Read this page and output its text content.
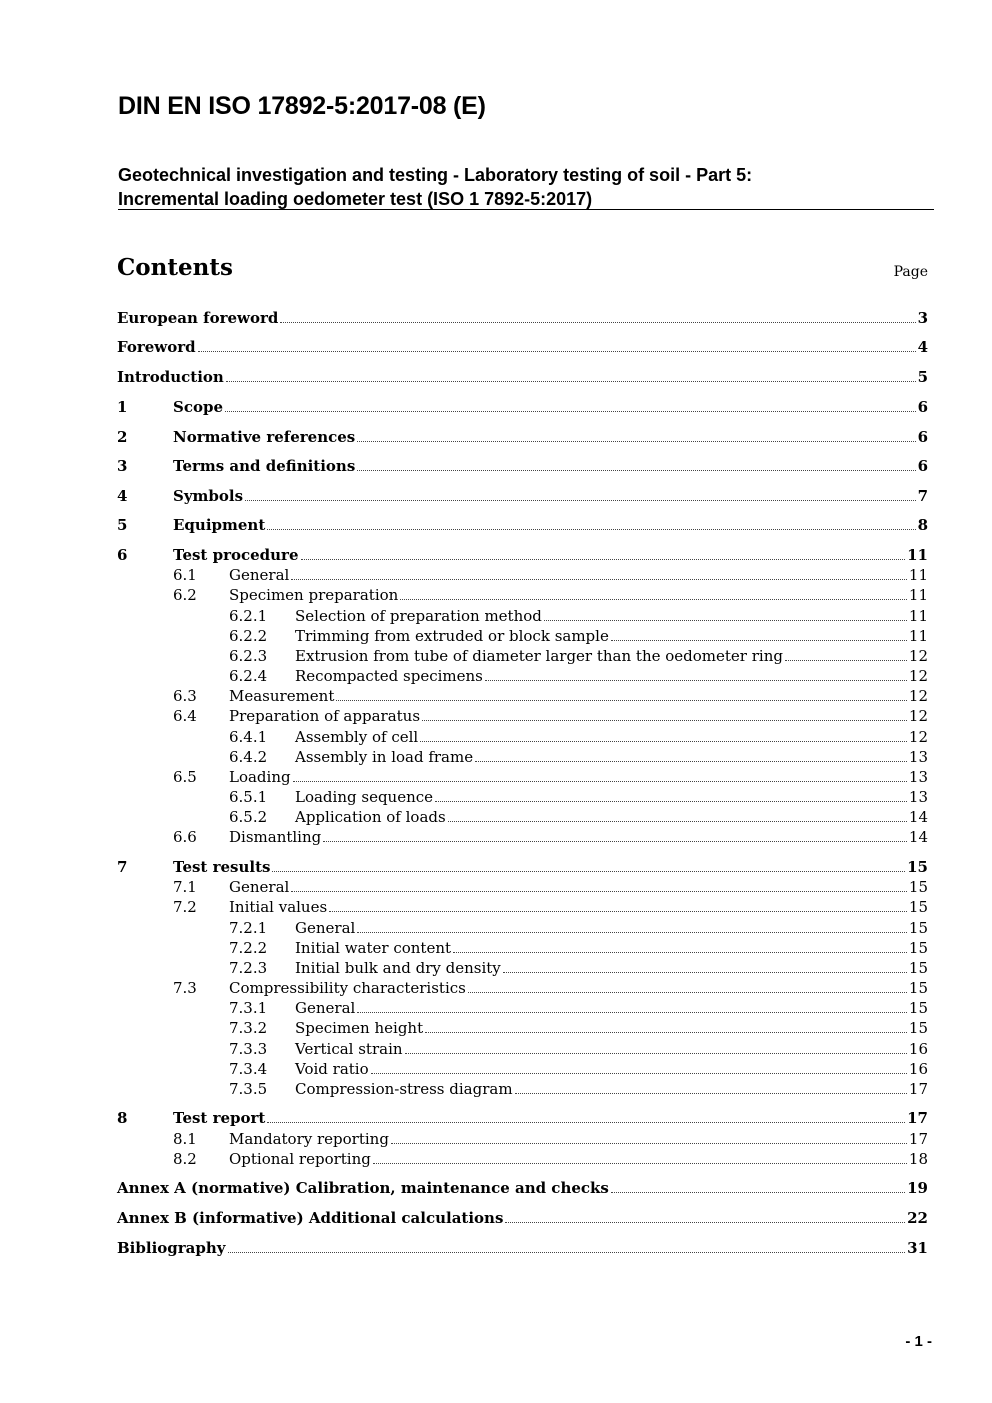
DIN EN ISO 17892-5:2017-08 (E)
Geotechnical investigation and testing - Laboratory testing of soil - Part 5:
Incremental loading oedometer test (ISO 1 7892-5:2017)
Contents	Page
European foreword	3
Foreword	4
Introduction	5
1	Scope	6
2	Normative references	6
3	Terms and definitions	6
4	Symbols	7
5	Equipment	8
6	Test procedure	11
6.1	General	11
6.2	Specimen preparation	11
6.2.1	Selection of preparation method	11
6.2.2	Trimming from extruded or block sample	11
6.2.3	Extrusion from tube of diameter larger than the oedometer ring	12
6.2.4	Recompacted specimens	12
6.3	Measurement	12
6.4	Preparation of apparatus	12
6.4.1	Assembly of cell	12
6.4.2	Assembly in load frame	13
6.5	Loading	13
6.5.1	Loading sequence	13
6.5.2	Application of loads	14
6.6	Dismantling	14
7	Test results	15
7.1	General	15
7.2	Initial values	15
7.2.1	General	15
7.2.2	Initial water content	15
7.2.3	Initial bulk and dry density	15
7.3	Compressibility characteristics	15
7.3.1	General	15
7.3.2	Specimen height	15
7.3.3	Vertical strain	16
7.3.4	Void ratio	16
7.3.5	Compression-stress diagram	17
8	Test report	17
8.1	Mandatory reporting	17
8.2	Optional reporting	18
Annex A (normative) Calibration, maintenance and checks	19
Annex B (informative) Additional calculations	22
Bibliography	31
- 1 -
